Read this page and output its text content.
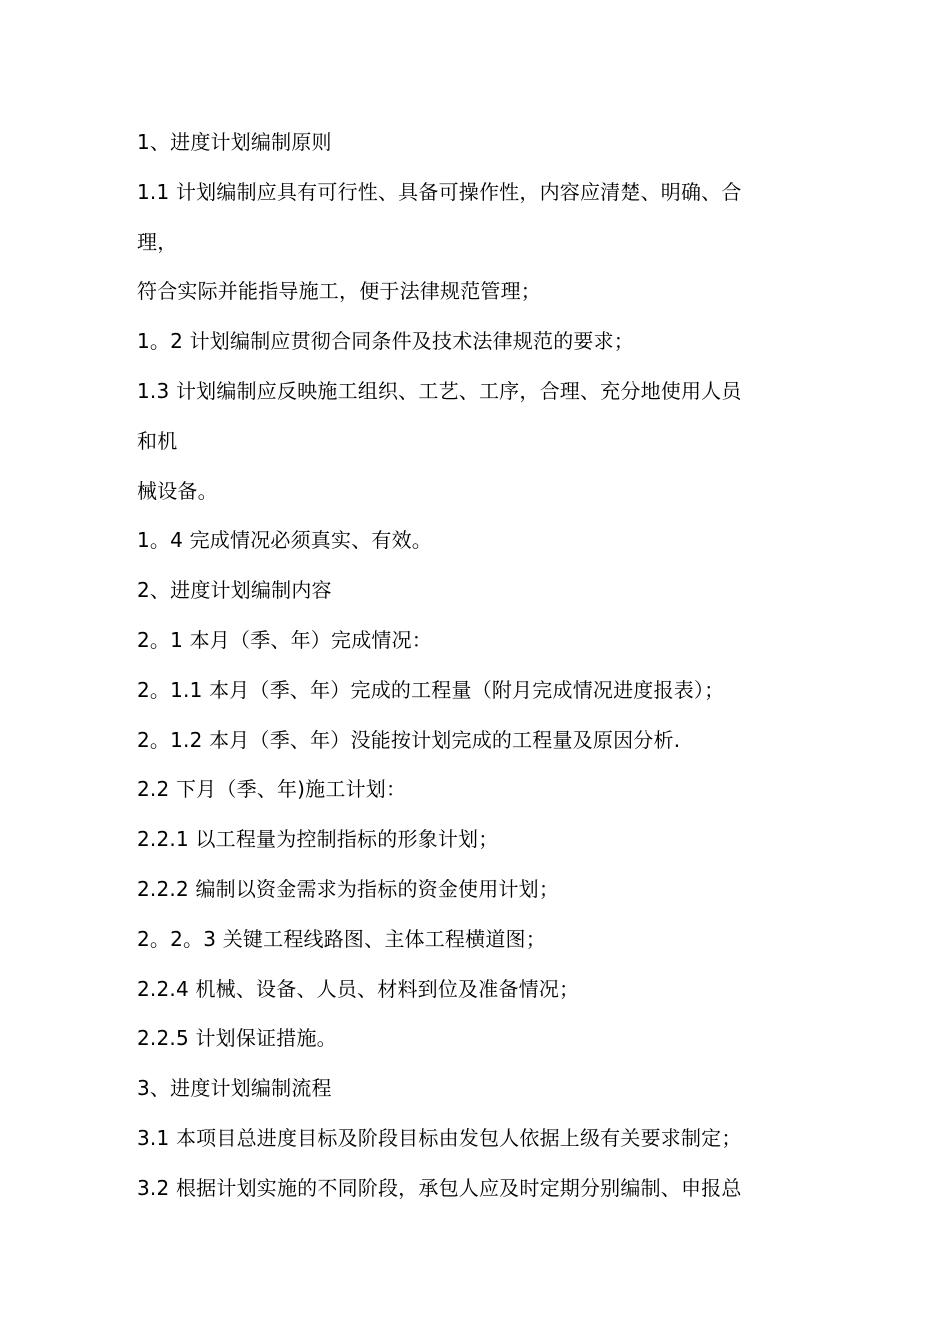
1、进度计划编制原则
1.1 计划编制应具有可行性、具备可操作性，内容应清楚、明确、合
理，
符合实际并能指导施工，便于法律规范管理；
1。2 计划编制应贯彻合同条件及技术法律规范的要求；
1.3 计划编制应反映施工组织、工艺、工序，合理、充分地使用人员
和机
械设备。
1。4 完成情况必须真实、有效。
2、进度计划编制内容
2。1 本月（季、年）完成情况：
2。1.1 本月（季、年）完成的工程量（附月完成情况进度报表）；
2。1.2 本月（季、年）没能按计划完成的工程量及原因分析.
2.2 下月（季、年)施工计划：
2.2.1 以工程量为控制指标的形象计划；
2.2.2 编制以资金需求为指标的资金使用计划；
2。2。3 关键工程线路图、主体工程横道图；
2.2.4 机械、设备、人员、材料到位及准备情况；
2.2.5 计划保证措施。
3、进度计划编制流程
3.1 本项目总进度目标及阶段目标由发包人依据上级有关要求制定；
3.2 根据计划实施的不同阶段，承包人应及时定期分别编制、申报总
